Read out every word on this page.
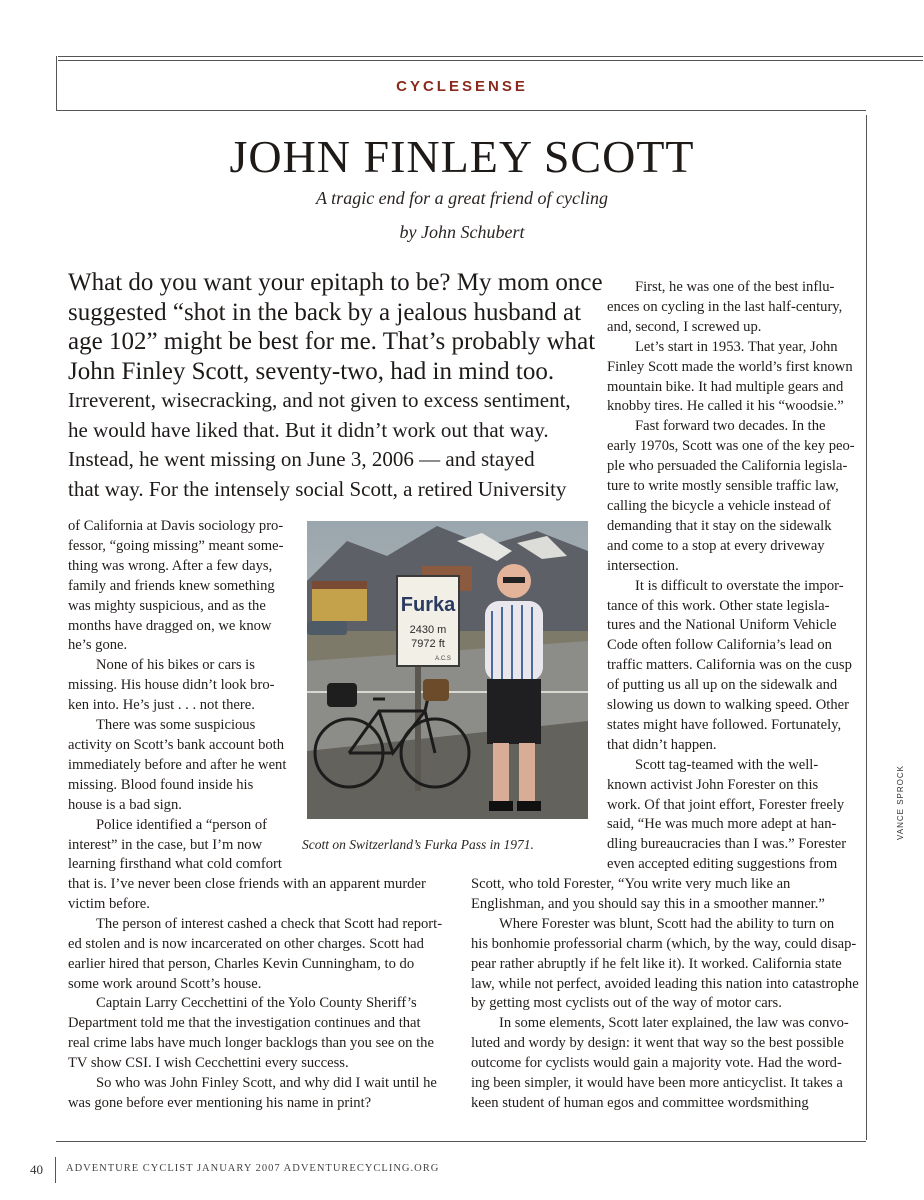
CYCLESENSE
JOHN FINLEY SCOTT
A tragic end for a great friend of cycling
by John Schubert
What do you want your epitaph to be? My mom once
suggested “shot in the back by a jealous husband at
age 102” might be best for me. That’s probably what
John Finley Scott, seventy-two, had in mind too.
Irreverent, wisecracking, and not given to excess sentiment,
he would have liked that. But it didn’t work out that way.
Instead, he went missing on June 3, 2006 — and stayed
that way. For the intensely social Scott, a retired University
of California at Davis sociology pro-
fessor, “going missing” meant some-
thing was wrong. After a few days,
family and friends knew something
was mighty suspicious, and as the
months have dragged on, we know
he’s gone.
None of his bikes or cars is
missing. His house didn’t look bro-
ken into. He’s just . . . not there.
There was some suspicious
activity on Scott’s bank account both
immediately before and after he went
missing. Blood found inside his
house is a bad sign.
Police identified a “person of
interest” in the case, but I’m now
learning firsthand what cold comfort
that is. I’ve never been close friends with an apparent murder
victim before.
The person of interest cashed a check that Scott had report-
ed stolen and is now incarcerated on other charges. Scott had
earlier hired that person, Charles Kevin Cunningham, to do
some work around Scott’s house.
Captain Larry Cecchettini of the Yolo County Sheriff’s
Department told me that the investigation continues and that
real crime labs have much longer backlogs than you see on the
TV show CSI. I wish Cecchettini every success.
So who was John Finley Scott, and why did I wait until he
was gone before ever mentioning his name in print?
First, he was one of the best influ-
ences on cycling in the last half-century,
and, second, I screwed up.
Let’s start in 1953. That year, John
Finley Scott made the world’s first known
mountain bike. It had multiple gears and
knobby tires. He called it his “woodsie.”
Fast forward two decades. In the
early 1970s, Scott was one of the key peo-
ple who persuaded the California legisla-
ture to write mostly sensible traffic law,
calling the bicycle a vehicle instead of
demanding that it stay on the sidewalk
and come to a stop at every driveway
intersection.
It is difficult to overstate the impor-
tance of this work. Other state legisla-
tures and the National Uniform Vehicle
Code often follow California’s lead on
traffic matters. California was on the cusp
of putting us all up on the sidewalk and
slowing us down to walking speed. Other
states might have followed. Fortunately,
that didn’t happen.
Scott tag-teamed with the well-
known activist John Forester on this
work. Of that joint effort, Forester freely
said, “He was much more adept at han-
dling bureaucracies than I was.” Forester
even accepted editing suggestions from
Scott, who told Forester, “You write very much like an
Englishman, and you should say this in a smoother manner.”
Where Forester was blunt, Scott had the ability to turn on
his bonhomie professorial charm (which, by the way, could disap-
pear rather abruptly if he felt like it). It worked. California state
law, while not perfect, avoided leading this nation into catastrophe
by getting most cyclists out of the way of motor cars.
In some elements, Scott later explained, the law was convo-
luted and wordy by design: it went that way so the best possible
outcome for cyclists would gain a majority vote. Had the word-
ing been simpler, it would have been more anticyclist. It takes a
keen student of human egos and committee wordsmithing
Furka
2430 m
7972 ft
A.C.S
Scott on Switzerland’s Furka Pass in 1971.
VANCE SPROCK
40 ADVENTURE CYCLIST JANUARY 2007 ADVENTURECYCLING.ORG
